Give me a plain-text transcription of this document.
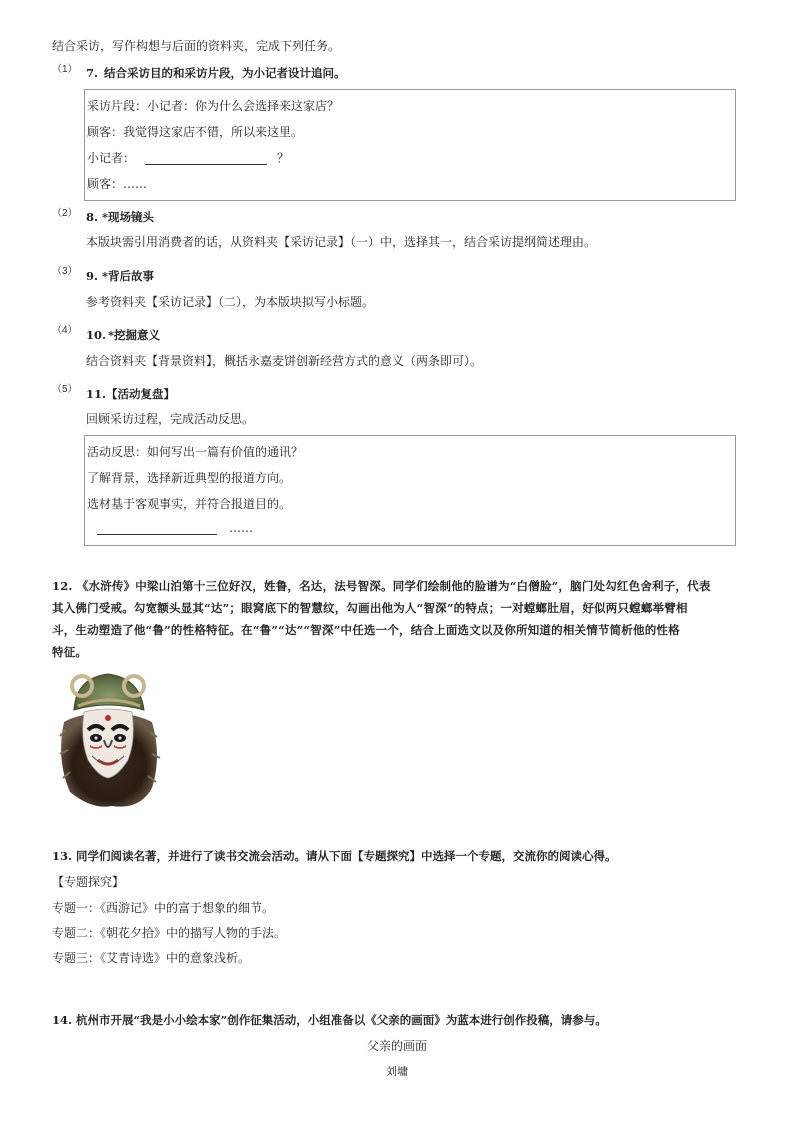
结合采访，写作构想与后面的资料夹，完成下列任务。
（1） 7. 结合采访目的和采访片段，为小记者设计追问。
采访片段：小记者：你为什么会选择来这家店？
顾客：我觉得这家店不错，所以来这里。
小记者：	？
顾客：……
（2） 8. *现场镜头
本版块需引用消费者的话，从资料夹【采访记录】（一）中，选择其一，结合采访提纲简述理由。
（3） 9. *背后故事
参考资料夹【采访记录】（二），为本版块拟写小标题。
（4） 10. *挖掘意义
结合资料夹【背景资料】，概括永嘉麦饼创新经营方式的意义（两条即可）。
（5） 11. 【活动复盘】
回顾采访过程，完成活动反思。
活动反思：如何写出一篇有价值的通讯？
了解背景，选择新近典型的报道方向。
选材基于客观事实，并符合报道目的。
……
12. 《水浒传》中梁山泊第十三位好汉，姓鲁，名达，法号智深。同学们绘制他的脸谱为“白僧脸”，脑门处勾红色舍利子，代表
其入佛门受戒。勾宽额头显其“达”；眼窝底下的智慧纹，勾画出他为人“智深”的特点；一对螳螂肚眉，好似两只螳螂举臂相
斗，生动塑造了他“鲁”的性格特征。在“鲁”“达”“智深”中任选一个，结合上面选文以及你所知道的相关情节简析他的性格
特征。
13. 同学们阅读名著，并进行了读书交流会活动。请从下面【专题探究】中选择一个专题，交流你的阅读心得。
【专题探究】
专题一：《西游记》中的富于想象的细节。
专题二：《朝花夕拾》中的描写人物的手法。
专题三：《艾青诗选》中的意象浅析。
14. 杭州市开展“我是小小绘本家”创作征集活动，小组准备以《父亲的画面》为蓝本进行创作投稿，请参与。
父亲的画面
刘墉
